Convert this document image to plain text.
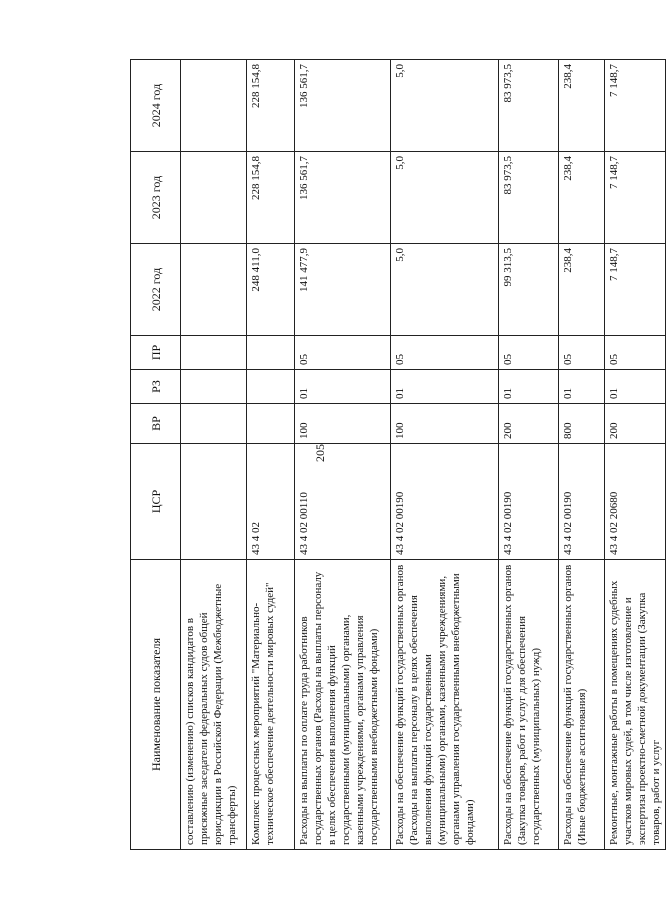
205
Наименование показателя	ЦСР	ВР	РЗ	ПР	2022 год	2023 год	2024 год
составлению (изменению) списков кандидатов в присяжные заседатели федеральных судов общей юрисдикции в Российской Федерации (Межбюджетные трансферты)							
Комплекс процессных мероприятий "Материально-техническое обеспечение деятельности мировых судей"	43 4 02				248 411,0	228 154,8	228 154,8
Расходы на выплаты по оплате труда работников государственных органов (Расходы на выплаты персоналу в целях обеспечения выполнения функций государственными (муниципальными) органами, казенными учреждениями, органами управления государственными внебюджетными фондами)	43 4 02 00110	100	01	05	141 477,9	136 561,7	136 561,7
Расходы на обеспечение функций государственных органов (Расходы на выплаты персоналу в целях обеспечения выполнения функций государственными (муниципальными) органами, казенными учреждениями, органами управления государственными внебюджетными фондами)	43 4 02 00190	100	01	05	5,0	5,0	5,0
Расходы на обеспечение функций государственных органов (Закупка товаров, работ и услуг для обеспечения государственных (муниципальных) нужд)	43 4 02 00190	200	01	05	99 313,5	83 973,5	83 973,5
Расходы на обеспечение функций государственных органов (Иные бюджетные ассигнования)	43 4 02 00190	800	01	05	238,4	238,4	238,4
Ремонтные, монтажные работы в помещениях судебных участков мировых судей, в том числе изготовление и экспертиза проектно-сметной документации (Закупка товаров, работ и услуг	43 4 02 20680	200	01	05	7 148,7	7 148,7	7 148,7
